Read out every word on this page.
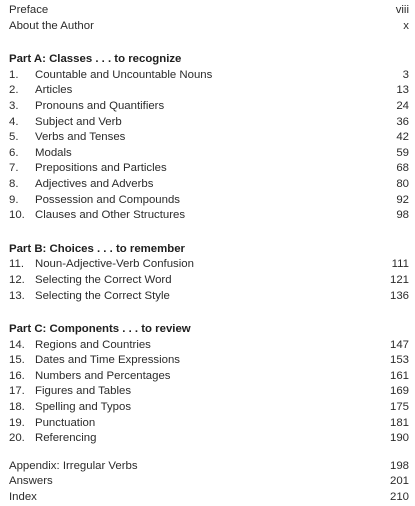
Preface	viii
About the Author	x
Part A: Classes . . . to recognize
1.	Countable and Uncountable Nouns	3
2.	Articles	13
3.	Pronouns and Quantifiers	24
4.	Subject and Verb	36
5.	Verbs and Tenses	42
6.	Modals	59
7.	Prepositions and Particles	68
8.	Adjectives and Adverbs	80
9.	Possession and Compounds	92
10. Clauses and Other Structures	98
Part B: Choices . . . to remember
11. Noun-Adjective-Verb Confusion	111
12. Selecting the Correct Word	121
13. Selecting the Correct Style	136
Part C: Components . . . to review
14. Regions and Countries	147
15. Dates and Time Expressions	153
16. Numbers and Percentages	161
17. Figures and Tables	169
18. Spelling and Typos	175
19. Punctuation	181
20. Referencing	190
Appendix: Irregular Verbs	198
Answers	201
Index	210
